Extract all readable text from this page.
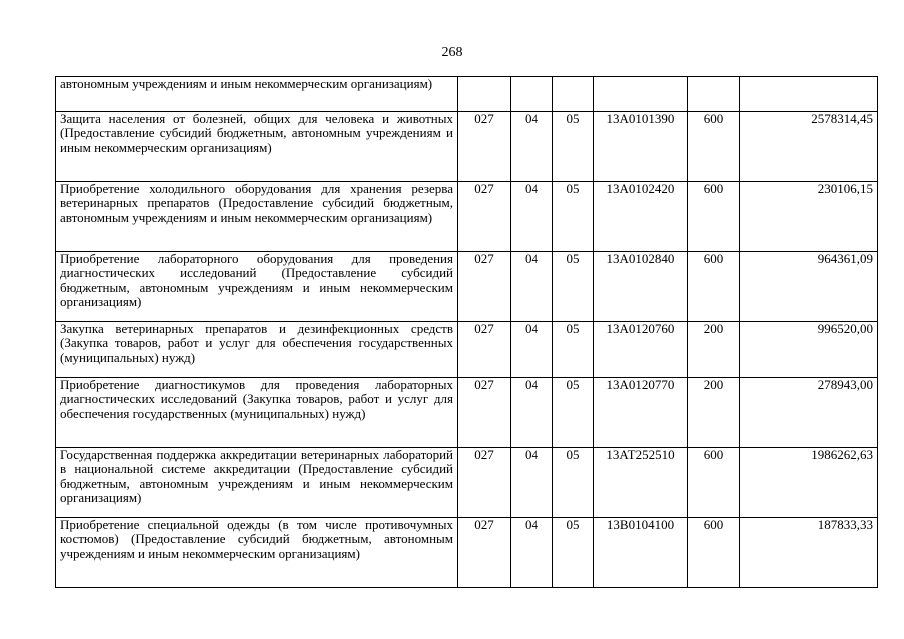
268
автономным учреждениям и иным некоммерческим организациям)						
Защита населения от болезней, общих для человека и животных (Предоставление субсидий бюджетным, автономным учреждениям и иным некоммерческим организациям)	027	04	05	13А0101390	600	2578314,45
Приобретение холодильного оборудования для хранения резерва ветеринарных препаратов (Предоставление субсидий бюджетным, автономным учреждениям и иным некоммерческим организациям)	027	04	05	13А0102420	600	230106,15
Приобретение лабораторного оборудования для проведения диагностических исследований (Предоставление субсидий бюджетным, автономным учреждениям и иным некоммерческим организациям)	027	04	05	13А0102840	600	964361,09
Закупка ветеринарных препаратов и дезинфекционных средств (Закупка товаров, работ и услуг для обеспечения государственных (муниципальных) нужд)	027	04	05	13А0120760	200	996520,00
Приобретение диагностикумов для проведения лабораторных диагностических исследований (Закупка товаров, работ и услуг для обеспечения государственных (муниципальных) нужд)	027	04	05	13А0120770	200	278943,00
Государственная поддержка аккредитации ветеринарных лабораторий в национальной системе аккредитации (Предоставление субсидий бюджетным, автономным учреждениям и иным некоммерческим организациям)	027	04	05	13АТ252510	600	1986262,63
Приобретение специальной одежды (в том числе противочумных костюмов) (Предоставление субсидий бюджетным, автономным учреждениям и иным некоммерческим организациям)	027	04	05	13В0104100	600	187833,33
